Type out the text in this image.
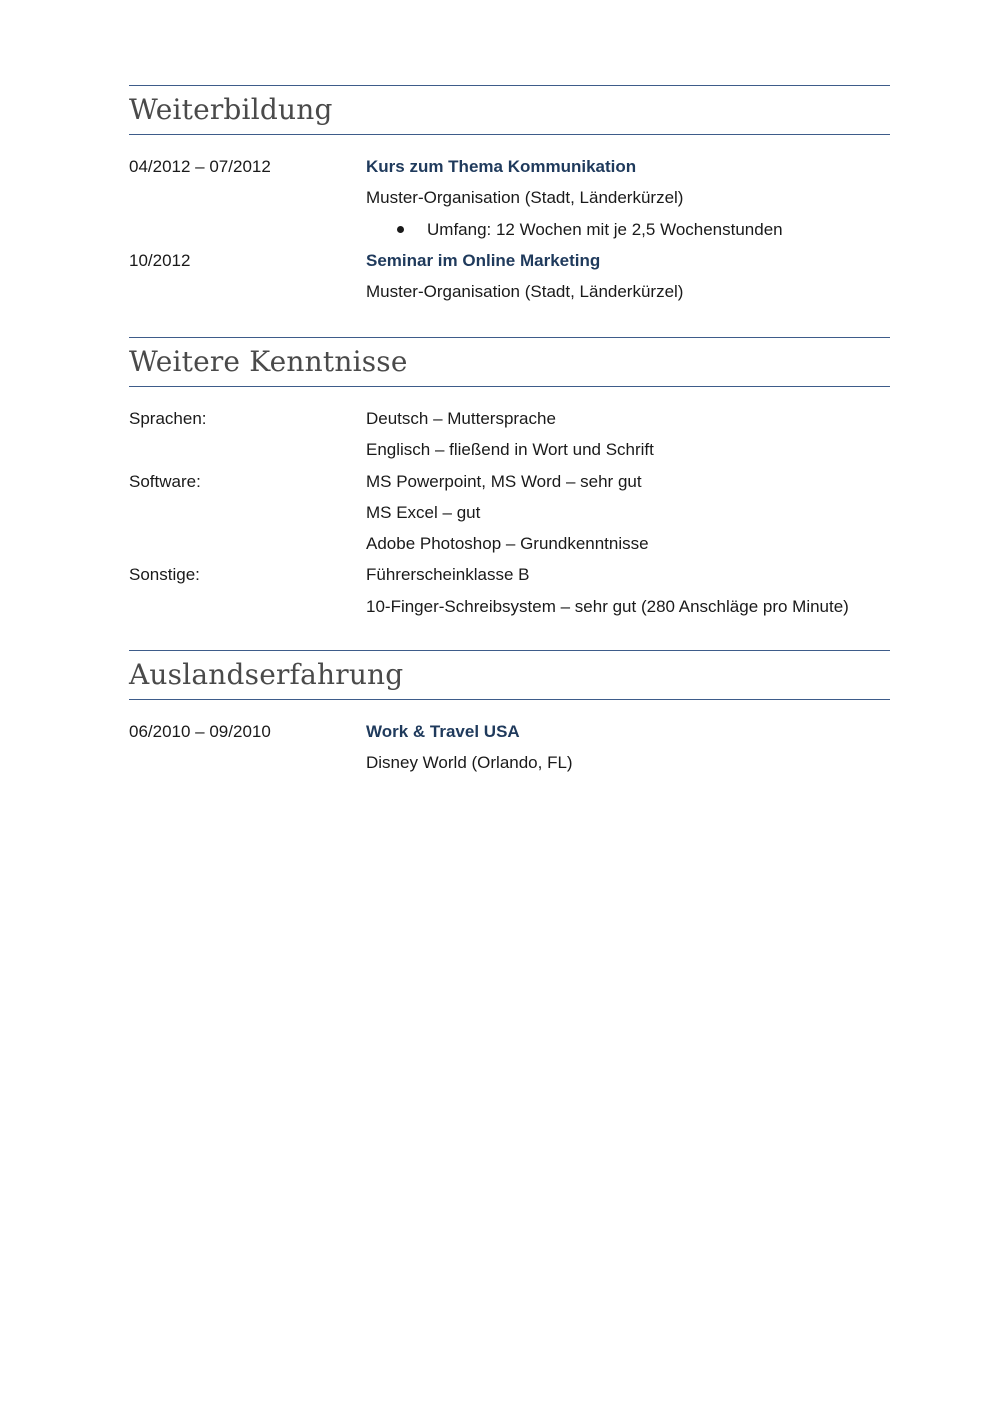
Weiterbildung
04/2012 – 07/2012	Kurs zum Thema Kommunikation
Muster-Organisation (Stadt, Länderkürzel)
Umfang: 12 Wochen mit je 2,5 Wochenstunden
10/2012	Seminar im Online Marketing
Muster-Organisation (Stadt, Länderkürzel)
Weitere Kenntnisse
Sprachen:	Deutsch – Muttersprache
Englisch – fließend in Wort und Schrift
Software:	MS Powerpoint, MS Word – sehr gut
MS Excel – gut
Adobe Photoshop – Grundkenntnisse
Sonstige:	Führerscheinklasse B
10-Finger-Schreibsystem – sehr gut (280 Anschläge pro Minute)
Auslandserfahrung
06/2010 – 09/2010	Work & Travel USA
Disney World (Orlando, FL)
